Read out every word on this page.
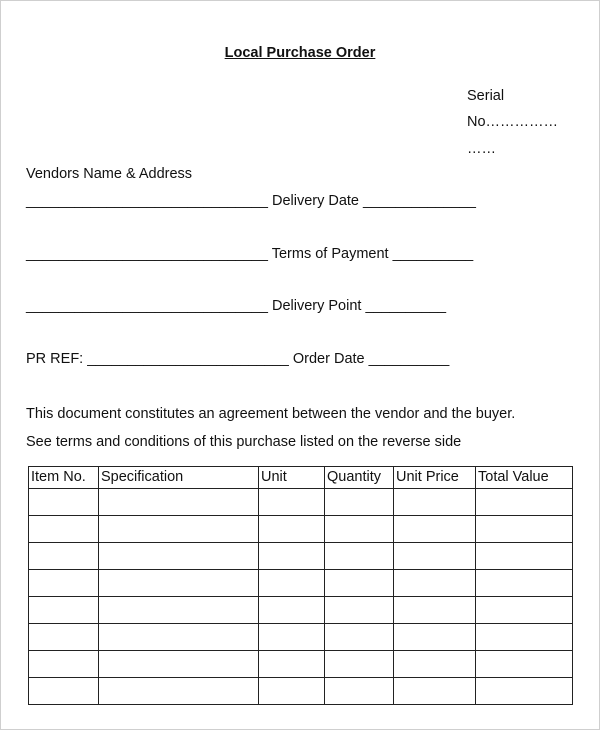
Local Purchase Order
Serial
No……………
……
Vendors Name & Address
______________________________ Delivery Date ______________
______________________________ Terms of Payment __________
______________________________ Delivery Point __________
PR REF: _________________________ Order Date __________
This document constitutes an agreement between the vendor and the buyer.
See terms and conditions of this purchase listed on the reverse side
Item No.	Specification	Unit	Quantity	Unit Price	Total Value
